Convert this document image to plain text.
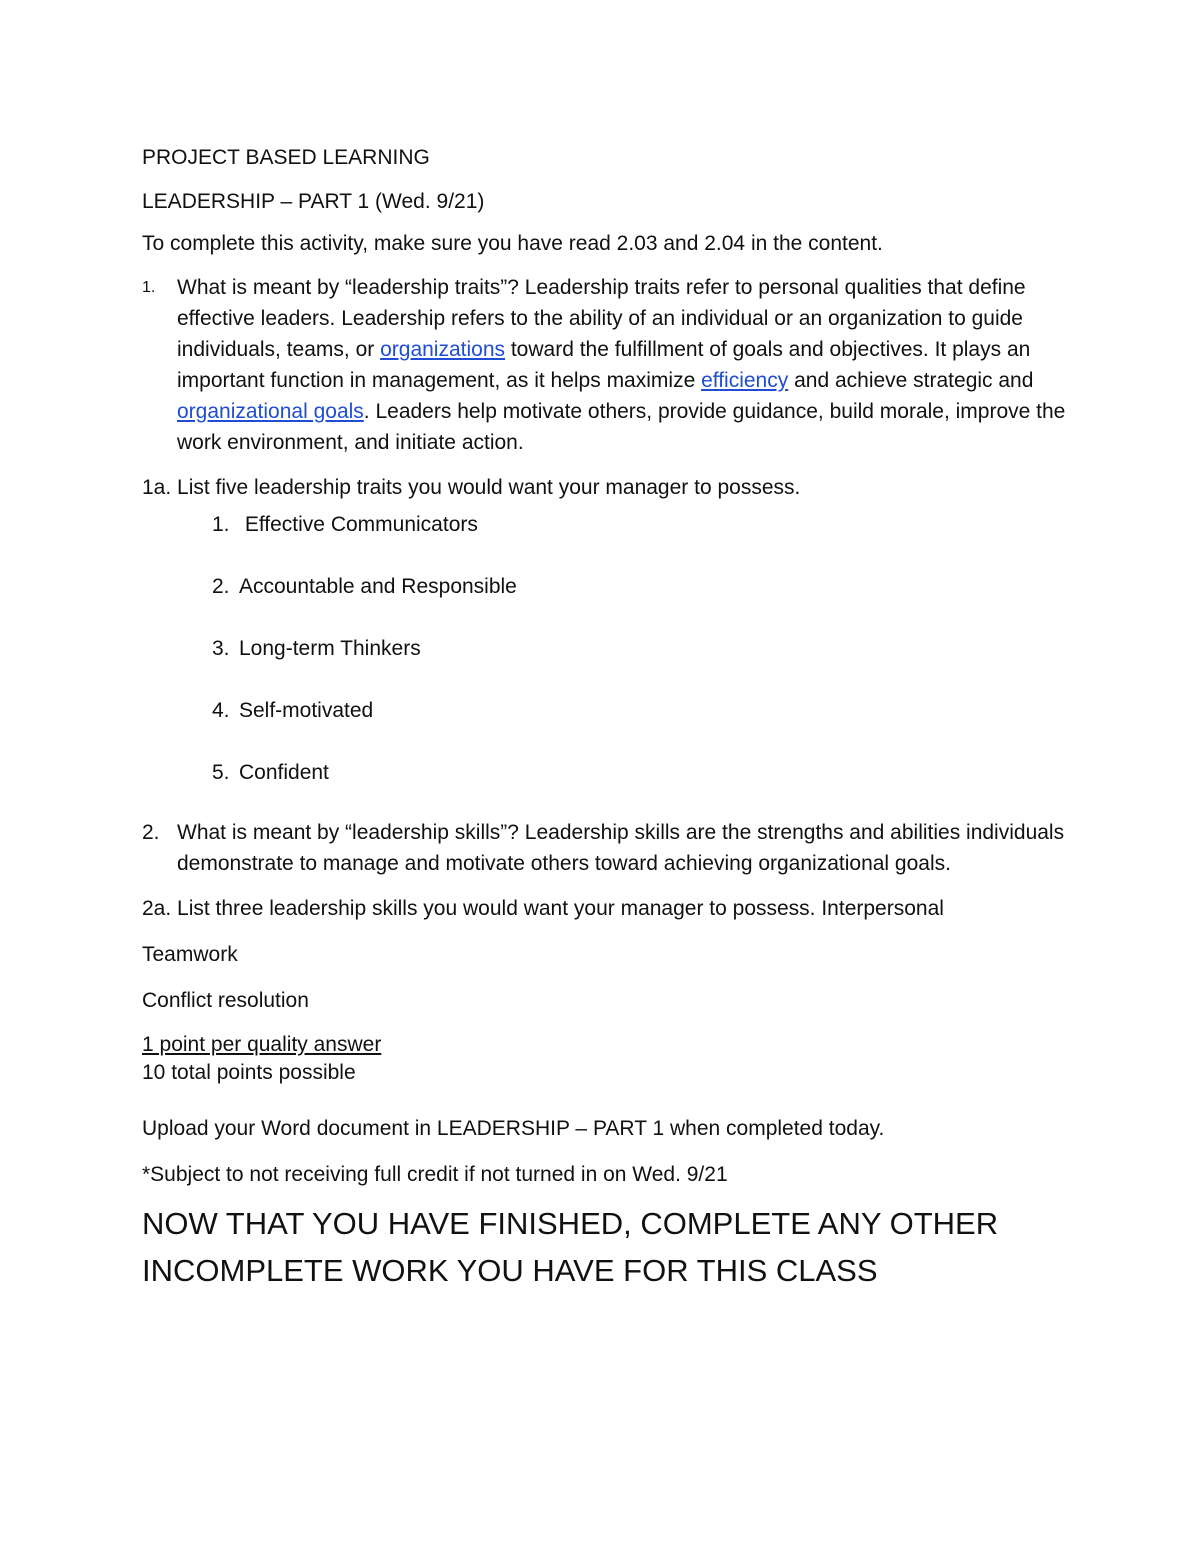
PROJECT BASED LEARNING

LEADERSHIP – PART 1 (Wed. 9/21)

To complete this activity, make sure you have read 2.03 and 2.04 in the content.

1.	What is meant by “leadership traits”? Leadership traits refer to personal qualities that define effective leaders. Leadership refers to the ability of an individual or an organization to guide individuals, teams, or organizations toward the fulfillment of goals and objectives. It plays an important function in management, as it helps maximize efficiency and achieve strategic and organizational goals. Leaders help motivate others, provide guidance, build morale, improve the work environment, and initiate action.

1a. List five leadership traits you would want your manager to possess.

1. Effective Communicators
2. Accountable and Responsible
3. Long-term Thinkers
4. Self-motivated
5. Confident
2. What is meant by “leadership skills”? Leadership skills are the strengths and abilities individuals demonstrate to manage and motivate others toward achieving organizational goals.

2a. List three leadership skills you would want your manager to possess. Interpersonal

Teamwork

Conflict resolution

1 point per quality answer

10 total points possible

Upload your Word document in LEADERSHIP – PART 1 when completed today.

*Subject to not receiving full credit if not turned in on Wed. 9/21

NOW THAT YOU HAVE FINISHED, COMPLETE ANY OTHER INCOMPLETE WORK YOU HAVE FOR THIS CLASS
